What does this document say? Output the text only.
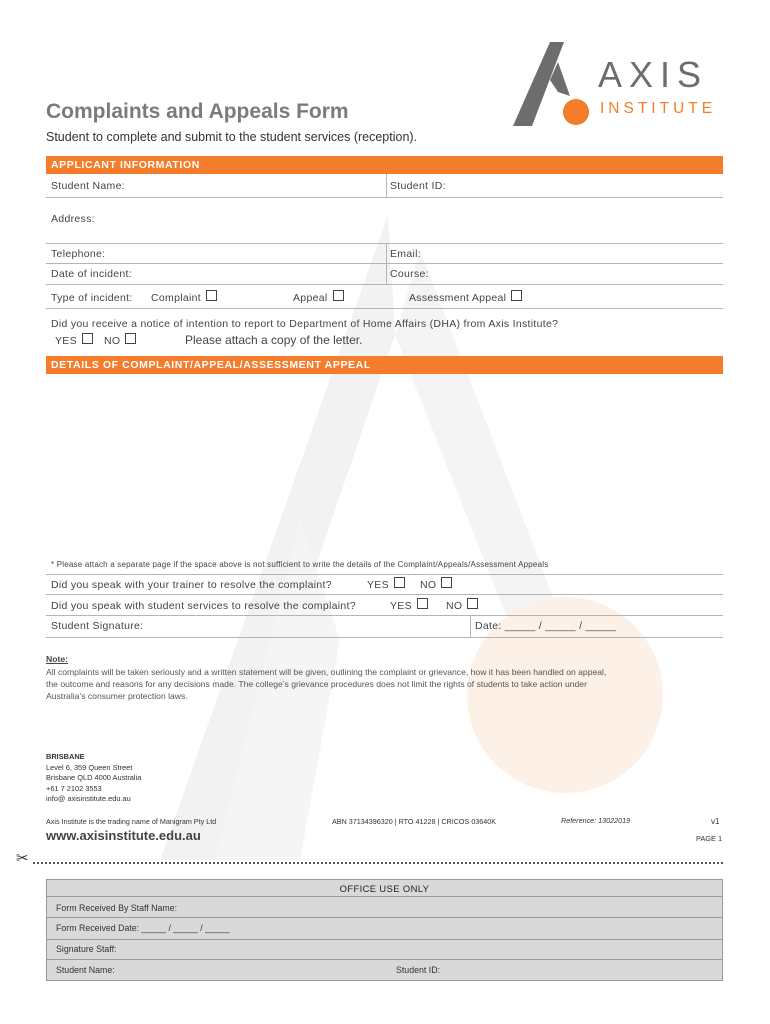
AXIS
INSTITUTE
Complaints and Appeals Form
Student to complete and submit to the student services (reception).
APPLICANT INFORMATION
Student Name:	Student ID:
Address:
Telephone:	Email:
Date of incident:	Course:
Type of incident: Complaint	Appeal	Assessment Appeal
Did you receive a notice of intention to report to Department of Home Affairs (DHA) from Axis Institute?
YES	NO	Please attach a copy of the letter.
DETAILS OF COMPLAINT/APPEAL/ASSESSMENT APPEAL
* Please attach a separate page if the space above is not sufficient to write the details of the Complaint/Appeals/Assessment Appeals
Did you speak with your trainer to resolve the complaint?	YES	NO
Did you speak with student services to resolve the complaint?	YES	NO
Student Signature:	Date: _____ / _____ / _____
Note:
All complaints will be taken seriously and a written statement will be given, outlining the complaint or grievance, how it has been handled on appeal,
the outcome and reasons for any decisions made. The college’s grievance procedures does not limit the rights of students to take action under
Australia’s consumer protection laws.
BRISBANE
Level 6, 359 Queen Street
Brisbane QLD 4000 Australia
+61 7 2102 3553
info@ axisinstitute.edu.au
Axis Institute is the trading name of Manigram Pty Ltd	ABN 37134396320 | RTO 41228 | CRICOS 03640K	Reference: 13022019	v1
www.axisinstitute.edu.au	PAGE 1
✂
OFFICE USE ONLY
Form Received By Staff Name:
Form Received Date: _____ / _____ / _____
Signature Staff:
Student Name:	Student ID:
